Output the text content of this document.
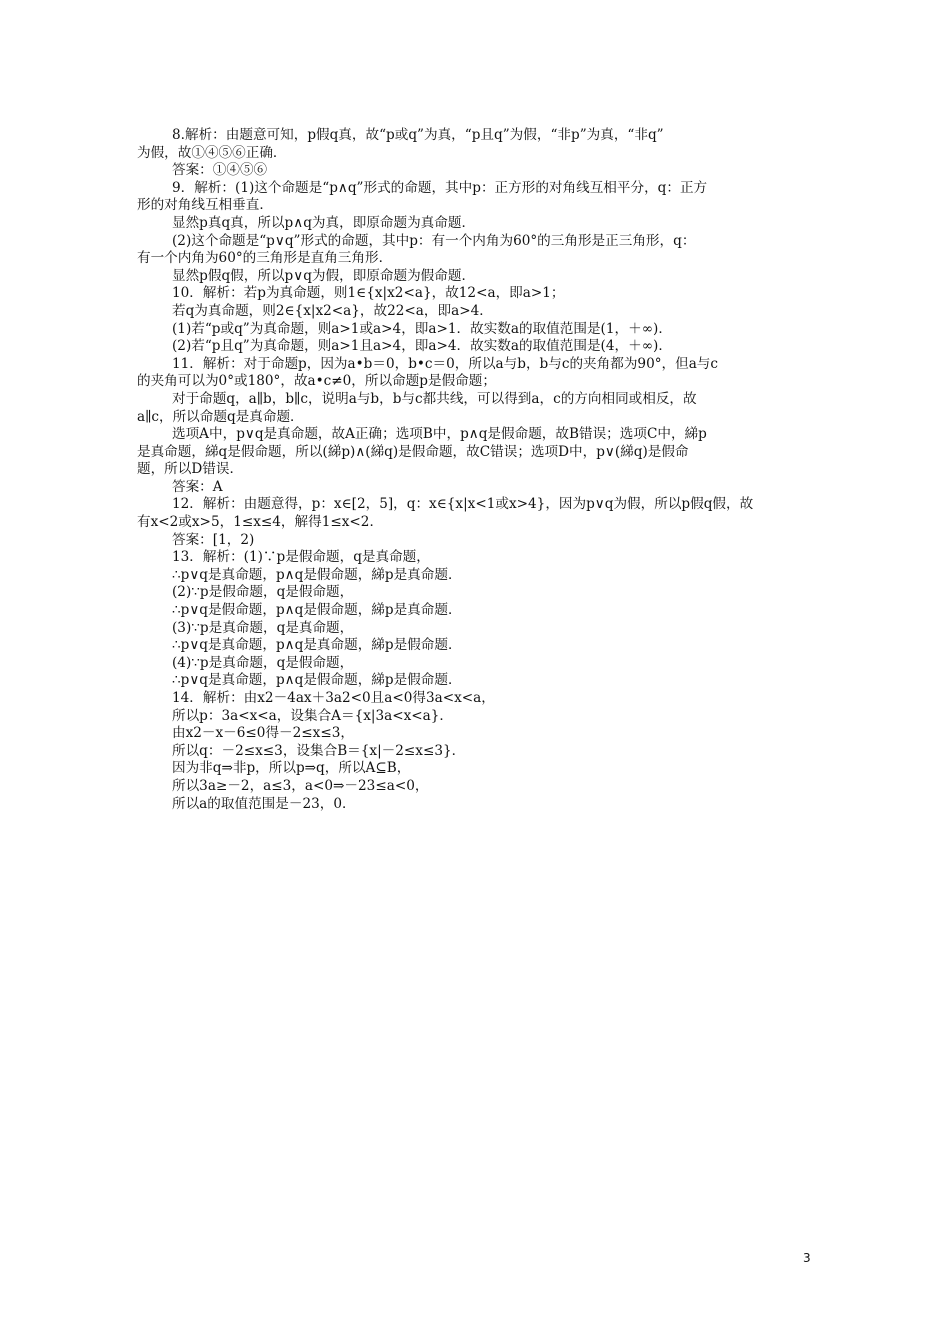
8.解析：由题意可知，p假q真，故“p或q”为真，“p且q”为假，“非p”为真，“非q”
为假，故①④⑤⑥正确．
答案：①④⑤⑥
9．解析：(1)这个命题是“p∧q”形式的命题，其中p：正方形的对角线互相平分，q：正方
形的对角线互相垂直．
显然p真q真，所以p∧q为真，即原命题为真命题．
(2)这个命题是“p∨q”形式的命题，其中p：有一个内角为60°的三角形是正三角形，q：
有一个内角为60°的三角形是直角三角形．
显然p假q假，所以p∨q为假，即原命题为假命题．
10．解析：若p为真命题，则1∈{x|x2<a}，故12<a，即a>1；
若q为真命题，则2∈{x|x2<a}，故22<a，即a>4．
(1)若“p或q”为真命题，则a>1或a>4，即a>1．故实数a的取值范围是(1，＋∞)．
(2)若“p且q”为真命题，则a>1且a>4，即a>4．故实数a的取值范围是(4，＋∞)．
11．解析：对于命题p，因为a•b＝0，b•c＝0，所以a与b，b与c的夹角都为90°，但a与c
的夹角可以为0°或180°，故a•c≠0，所以命题p是假命题；
对于命题q，a∥b，b∥c，说明a与b，b与c都共线，可以得到a，c的方向相同或相反，故
a∥c，所以命题q是真命题．
选项A中，p∨q是真命题，故A正确；选项B中，p∧q是假命题，故B错误；选项C中，綈p
是真命题，綈q是假命题，所以(綈p)∧(綈q)是假命题，故C错误；选项D中，p∨(綈q)是假命
题，所以D错误．
答案：A
12．解析：由题意得，p：x∈[2，5]，q：x∈{x|x<1或x>4}，因为p∨q为假，所以p假q假，故
有x<2或x>5，1≤x≤4，解得1≤x<2．
答案：[1，2)
13．解析：(1)∵p是假命题，q是真命题，
∴p∨q是真命题，p∧q是假命题，綈p是真命题．
(2)∵p是假命题，q是假命题，
∴p∨q是假命题，p∧q是假命题，綈p是真命题．
(3)∵p是真命题，q是真命题，
∴p∨q是真命题，p∧q是真命题，綈p是假命题．
(4)∵p是真命题，q是假命题，
∴p∨q是真命题，p∧q是假命题，綈p是假命题．
14．解析：由x2－4ax＋3a2<0且a<0得3a<x<a，
所以p：3a<x<a，设集合A＝{x|3a<x<a}．
由x2－x－6≤0得－2≤x≤3，
所以q：－2≤x≤3，设集合B＝{x|－2≤x≤3}．
因为非q⇒非p，所以p⇒q，所以A⊆B，
所以3a≥－2，a≤3，a<0⇒－23≤a<0，
所以a的取值范围是－23，0．
3
